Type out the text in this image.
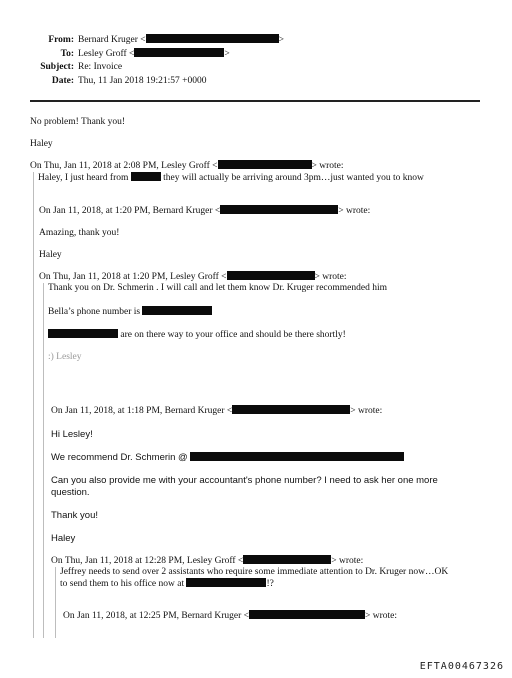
From: Bernard Kruger <	>
To: Lesley Groff <	>
Subject: Re: Invoice
Date: Thu, 11 Jan 2018 19:21:57 +0000
No problem! Thank you!
Haley
On Thu, Jan 11, 2018 at 2:08 PM, Lesley Groff <	> wrote:
Haley, I just heard from	they will actually be arriving around 3pm…just wanted you to know
On Jan 11, 2018, at 1:20 PM, Bernard Kruger <	> wrote:
Amazing, thank you!
Haley
On Thu, Jan 11, 2018 at 1:20 PM, Lesley Groff <	> wrote:
Thank you on Dr. Schmerin . I will call and let them know Dr. Kruger recommended him
Bella’s phone number is
are on there way to your office and should be there shortly!
:) Lesley
On Jan 11, 2018, at 1:18 PM, Bernard Kruger <	> wrote:
Hi Lesley!
We recommend Dr. Schmerin @
Can you also provide me with your accountant's phone number? I need to ask her one more
question.
Thank you!
Haley
On Thu, Jan 11, 2018 at 12:28 PM, Lesley Groff <	> wrote:
Jeffrey needs to send over 2 assistants who require some immediate attention to Dr. Kruger now…OK
to send them to his office now at	!?
On Jan 11, 2018, at 12:25 PM, Bernard Kruger <	> wrote:
EFTA00467326
